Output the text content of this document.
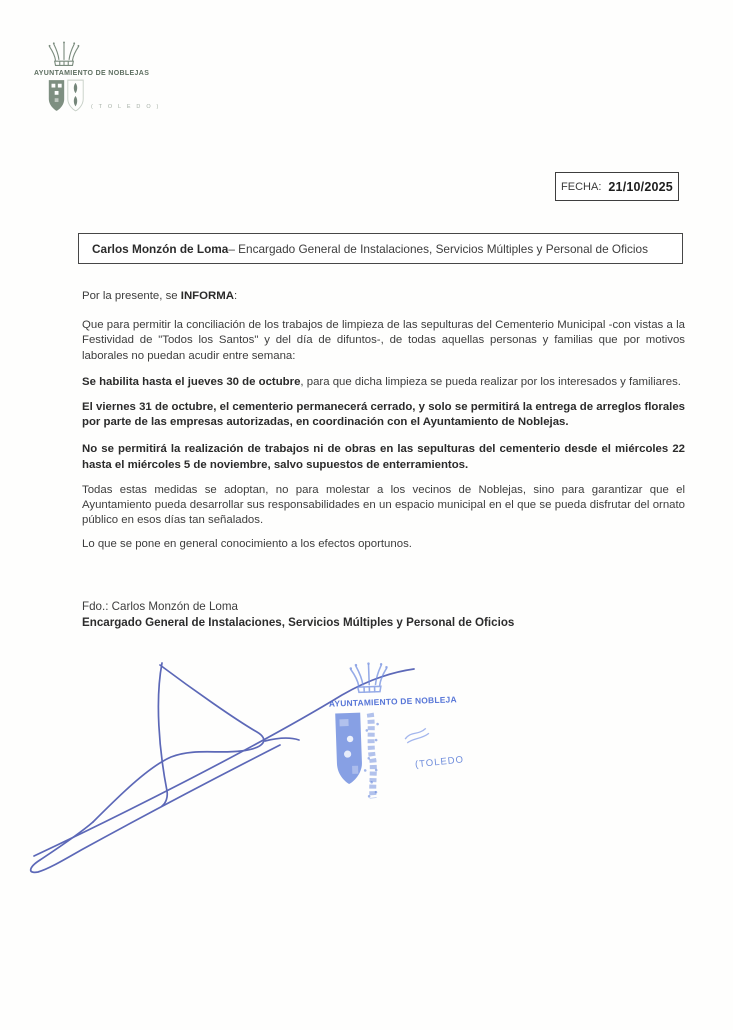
AYUNTAMIENTO DE NOBLEJAS
( T O L E D O )
FECHA: 21/10/2025
Carlos Monzón de Loma – Encargado General de Instalaciones, Servicios Múltiples y Personal de Oficios

Por la presente, se INFORMA:

Que para permitir la conciliación de los trabajos de limpieza de las sepulturas del Cementerio Municipal -con vistas a la Festividad de "Todos los Santos" y del día de difuntos-, de todas aquellas personas y familias que por motivos laborales no puedan acudir entre semana:

Se habilita hasta el jueves 30 de octubre, para que dicha limpieza se pueda realizar por los interesados y familiares.

El viernes 31 de octubre, el cementerio permanecerá cerrado, y solo se permitirá la entrega de arreglos florales por parte de las empresas autorizadas, en coordinación con el Ayuntamiento de Noblejas.

No se permitirá la realización de trabajos ni de obras en las sepulturas del cementerio desde el miércoles 22 hasta el miércoles 5 de noviembre, salvo supuestos de enterramientos.

Todas estas medidas se adoptan, no para molestar a los vecinos de Noblejas, sino para garantizar que el Ayuntamiento pueda desarrollar sus responsabilidades en un espacio municipal en el que se pueda disfrutar del ornato público en esos días tan señalados.

Lo que se pone en general conocimiento a los efectos oportunos.

Fdo.: Carlos Monzón de Loma
Encargado General de Instalaciones, Servicios Múltiples y Personal de Oficios
AYUNTAMIENTO DE NOBLEJA
(TOLEDO
